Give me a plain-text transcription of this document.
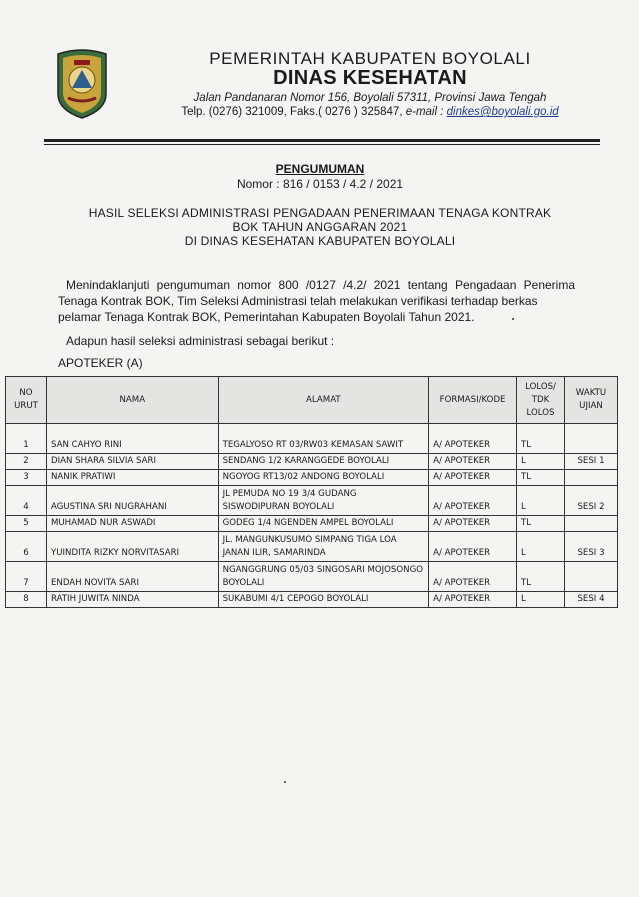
PEMERINTAH KABUPATEN BOYOLALI
DINAS KESEHATAN
Jalan Pandanaran Nomor 156, Boyolali 57311, Provinsi Jawa Tengah
Telp. (0276) 321009, Faks.( 0276 ) 325847, e-mail : dinkes@boyolali.go.id
PENGUMUMAN
Nomor : 816 / 0153 / 4.2 / 2021
HASIL SELEKSI ADMINISTRASI PENGADAAN PENERIMAAN TENAGA KONTRAK
BOK TAHUN ANGGARAN 2021
DI DINAS KESEHATAN KABUPATEN BOYOLALI
Menindaklanjuti pengumuman nomor 800 /0127 /4.2/ 2021 tentang Pengadaan Penerima Tenaga Kontrak BOK, Tim Seleksi Administrasi telah melakukan verifikasi terhadap berkas
pelamar Tenaga Kontrak BOK, Pemerintahan Kabupaten Boyolali Tahun 2021.
Adapun hasil seleksi administrasi sebagai berikut :
APOTEKER (A)
NO URUT	NAMA	ALAMAT	FORMASI/KODE	LOLOS/ TDK LOLOS	WAKTU UJIAN
1	SAN CAHYO RINI	TEGALYOSO RT 03/RW03 KEMASAN SAWIT	A/ APOTEKER	TL	
2	DIAN SHARA SILVIA SARI	SENDANG 1/2 KARANGGEDE BOYOLALI	A/ APOTEKER	L	SESI 1
3	NANIK PRATIWI	NGOYOG RT13/02 ANDONG BOYOLALI	A/ APOTEKER	TL	
4	AGUSTINA SRI NUGRAHANI	JL PEMUDA NO 19 3/4 GUDANG SISWODIPURAN BOYOLALI	A/ APOTEKER	L	SESI 2
5	MUHAMAD NUR ASWADI	GODEG 1/4 NGENDEN AMPEL BOYOLALI	A/ APOTEKER	TL	
6	YUINDITA RIZKY NORVITASARI	JL. MANGUNKUSUMO SIMPANG TIGA LOA JANAN ILIR, SAMARINDA	A/ APOTEKER	L	SESI 3
7	ENDAH NOVITA SARI	NGANGGRUNG 05/03 SINGOSARI MOJOSONGO BOYOLALI	A/ APOTEKER	TL	
8	RATIH JUWITA NINDA	SUKABUMI 4/1 CEPOGO BOYOLALI	A/ APOTEKER	L	SESI 4
